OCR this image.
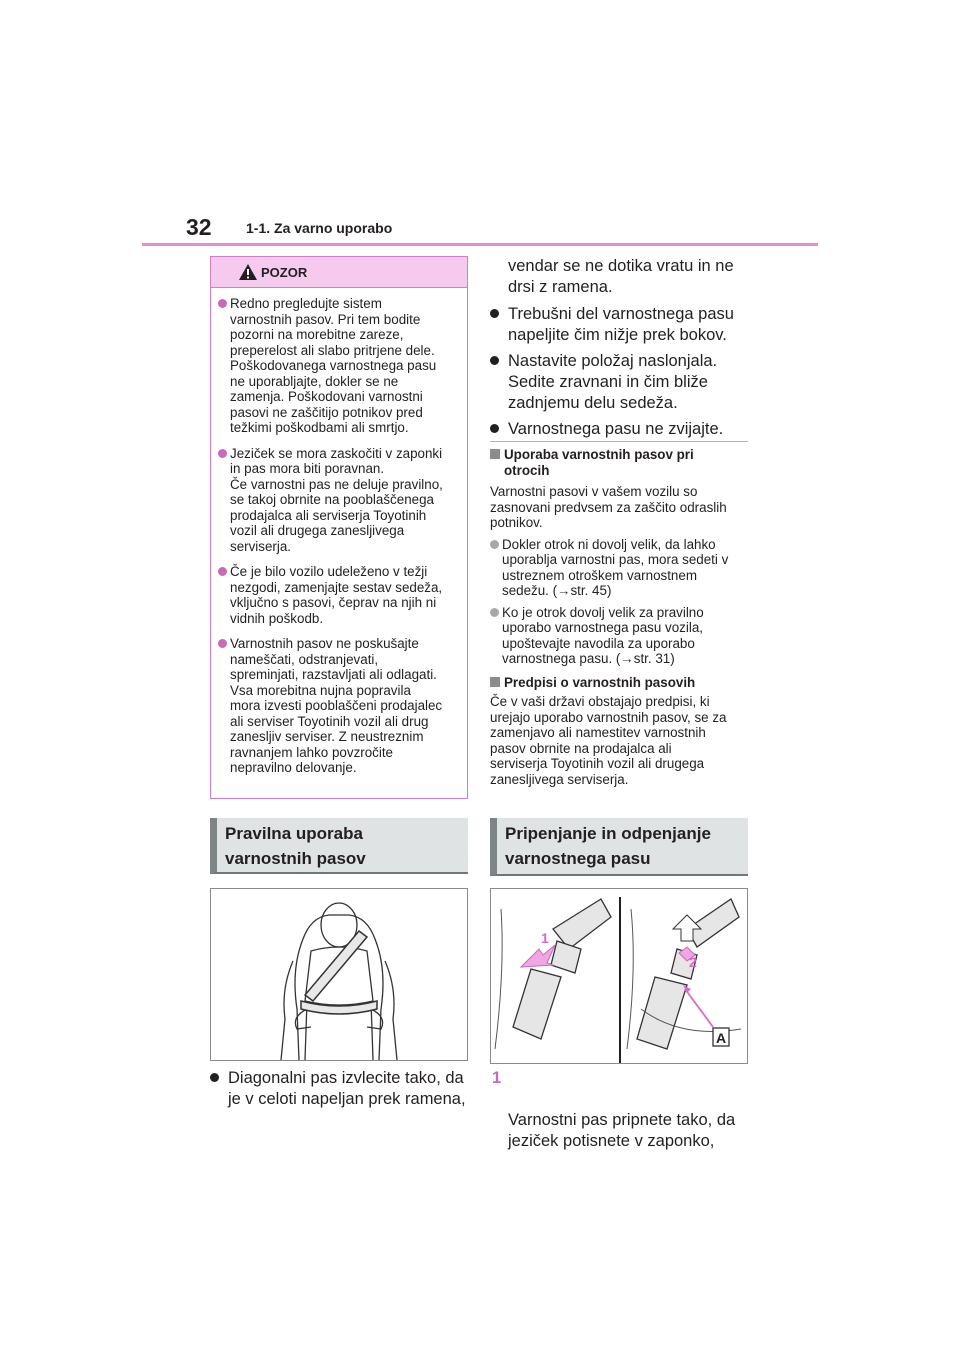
32 1-1. Za varno uporabo
POZOR
Redno pregledujte sistem
varnostnih pasov. Pri tem bodite
pozorni na morebitne zareze,
preperelost ali slabo pritrjene dele.
Poškodovanega varnostnega pasu
ne uporabljajte, dokler se ne
zamenja. Poškodovani varnostni
pasovi ne zaščitijo potnikov pred
težkimi poškodbami ali smrtjo.
Jeziček se mora zaskočiti v zaponki
in pas mora biti poravnan.
Če varnostni pas ne deluje pravilno,
se takoj obrnite na pooblaščenega
prodajalca ali serviserja Toyotinih
vozil ali drugega zanesljivega
serviserja.
Če je bilo vozilo udeleženo v težji
nezgodi, zamenjajte sestav sedeža,
vključno s pasovi, čeprav na njih ni
vidnih poškodb.
Varnostnih pasov ne poskušajte
nameščati, odstranjevati,
spreminjati, razstavljati ali odlagati.
Vsa morebitna nujna popravila
mora izvesti pooblaščeni prodajalec
ali serviser Toyotinih vozil ali drug
zanesljiv serviser. Z neustreznim
ravnanjem lahko povzročite
nepravilno delovanje.
Pravilna uporaba
varnostnih pasov
Diagonalni pas izvlecite tako, da
je v celoti napeljan prek ramena,
vendar se ne dotika vratu in ne
drsi z ramena.
Trebušni del varnostnega pasu
napeljite čim nižje prek bokov.
Nastavite položaj naslonjala.
Sedite zravnani in čim bliže
zadnjemu delu sedeža.
Varnostnega pasu ne zvijajte.
Uporaba varnostnih pasov pri
otrocih
Varnostni pasovi v vašem vozilu so
zasnovani predvsem za zaščito odraslih
potnikov.
Dokler otrok ni dovolj velik, da lahko
uporablja varnostni pas, mora sedeti v
ustreznem otroškem varnostnem
sedežu. (→str. 45)
Ko je otrok dovolj velik za pravilno
uporabo varnostnega pasu vozila,
upoštevajte navodila za uporabo
varnostnega pasu. (→str. 31)
Predpisi o varnostnih pasovih
Če v vaši državi obstajajo predpisi, ki
urejajo uporabo varnostnih pasov, se za
zamenjavo ali namestitev varnostnih
pasov obrnite na prodajalca ali
serviserja Toyotinih vozil ali drugega
zanesljivega serviserja.
Pripenjanje in odpenjanje
varnostnega pasu
1
2
A

1

Varnostni pas pripnete tako, da
jeziček potisnete v zaponko,
